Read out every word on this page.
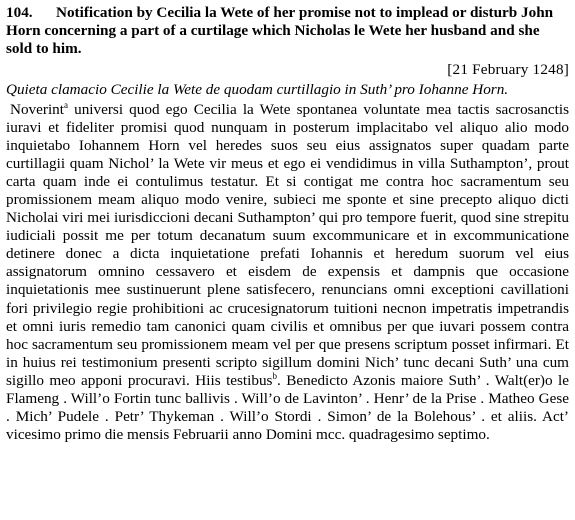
104. Notification by Cecilia la Wete of her promise not to implead or disturb John Horn concerning a part of a curtilage which Nicholas le Wete her husband and she sold to him.

[21 February 1248]
Quieta clamacio Cecilie la Wete de quodam curtillagio in Suth’ pro Iohanne Horn.
Noverint$^a$ universi quod ego Cecilia la Wete spontanea voluntate mea tactis sacrosanctis iuravi et fideliter promisi quod nunquam in posterum implacitabo vel aliquo alio modo inquietabo Iohannem Horn vel heredes suos seu eius assignatos super quadam parte curtillagii quam Nichol’ la Wete vir meus et ego ei vendidimus in villa Suthampton’, prout carta quam inde ei contulimus testatur. Et si contigat me contra hoc sacramentum seu promissionem meam aliquo modo venire, subieci me sponte et sine precepto aliquo dicti Nicholai viri mei iurisdiccioni decani Suthampton’ qui pro tempore fuerit, quod sine strepitu iudiciali possit me per totum decanatum suum excommunicare et in excommunicatione detinere donec a dicta inquietatione prefati Iohannis et heredum suorum vel eius assignatorum omnino cessavero et eisdem de expensis et dampnis que occasione inquietationis mee sustinuerunt plene satisfecero, renuncians omni exceptioni cavillationi fori privilegio regie prohibitioni ac crucesignatorum tuitioni necnon impetratis impetrandis et omni iuris remedio tam canonici quam civilis et omnibus per que iuvari possem contra hoc sacramentum seu promissionem meam vel per que presens scriptum posset infirmari. Et in huius rei testimonium presenti scripto sigillum domini Nich’ tunc decani Suth’ una cum sigillo meo apponi procuravi. Hiis testibus$^b$. Benedicto Azonis maiore Suth’ . Walt(er)o le Flameng . Will’o Fortin tunc ballivis . Will’o de Lavinton’ . Henr’ de la Prise . Matheo Gese . Mich’ Pudele . Petr’ Thykeman . Will’o Stordi . Simon’ de la Bolehous’ . et aliis. Act’ vicesimo primo die mensis Februarii anno Domini mcc. quadragesimo septimo.
